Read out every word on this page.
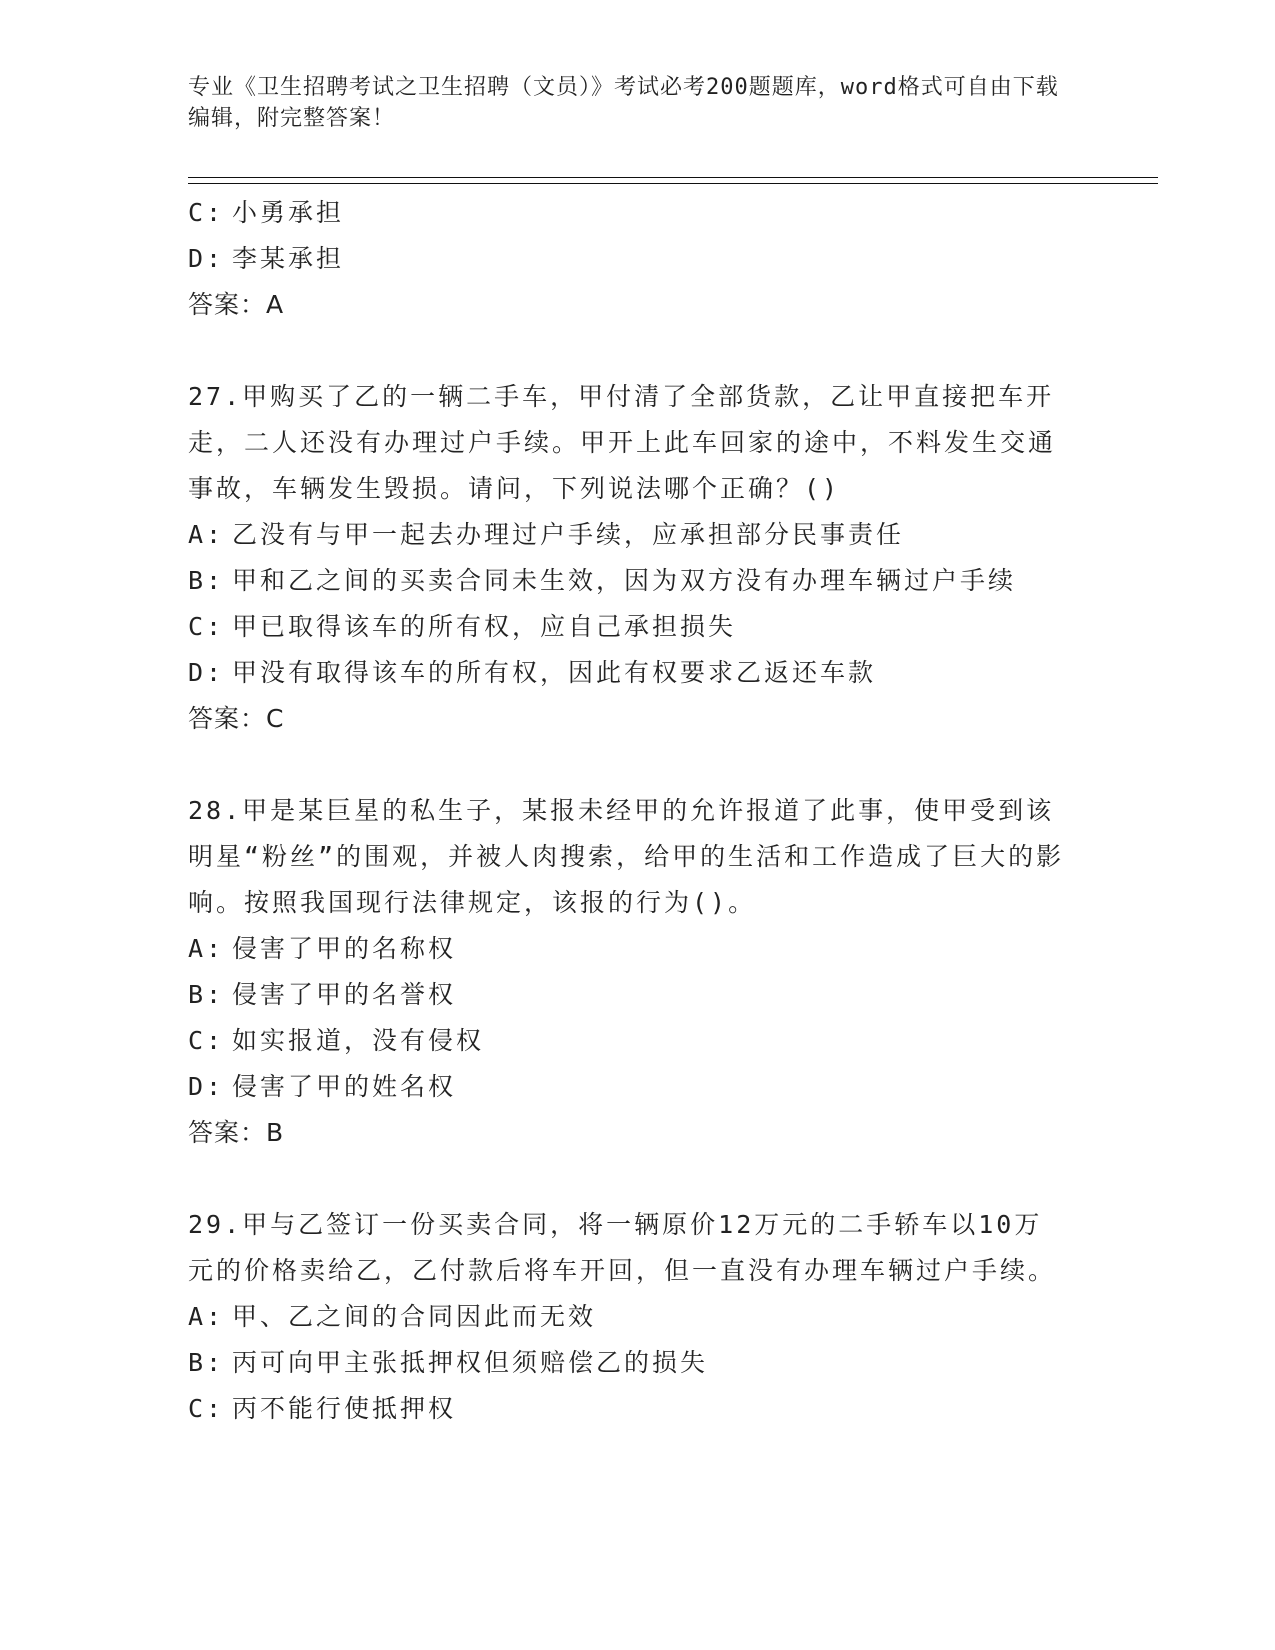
专业《卫生招聘考试之卫生招聘（文员）》考试必考200题题库，word格式可自由下载编辑，附完整答案！
C: 小勇承担
D: 李某承担
答案：A
27.甲购买了乙的一辆二手车，甲付清了全部货款，乙让甲直接把车开走，二人还没有办理过户手续。甲开上此车回家的途中，不料发生交通事故，车辆发生毁损。请问，下列说法哪个正确？()
A: 乙没有与甲一起去办理过户手续，应承担部分民事责任
B: 甲和乙之间的买卖合同未生效，因为双方没有办理车辆过户手续
C: 甲已取得该车的所有权，应自己承担损失
D: 甲没有取得该车的所有权，因此有权要求乙返还车款
答案：C
28.甲是某巨星的私生子，某报未经甲的允许报道了此事，使甲受到该明星“粉丝”的围观，并被人肉搜索，给甲的生活和工作造成了巨大的影响。按照我国现行法律规定，该报的行为()。
A: 侵害了甲的名称权
B: 侵害了甲的名誉权
C: 如实报道，没有侵权
D: 侵害了甲的姓名权
答案：B
29.甲与乙签订一份买卖合同，将一辆原价12万元的二手轿车以10万元的价格卖给乙，乙付款后将车开回，但一直没有办理车辆过户手续。
A: 甲、乙之间的合同因此而无效
B: 丙可向甲主张抵押权但须赔偿乙的损失
C: 丙不能行使抵押权
